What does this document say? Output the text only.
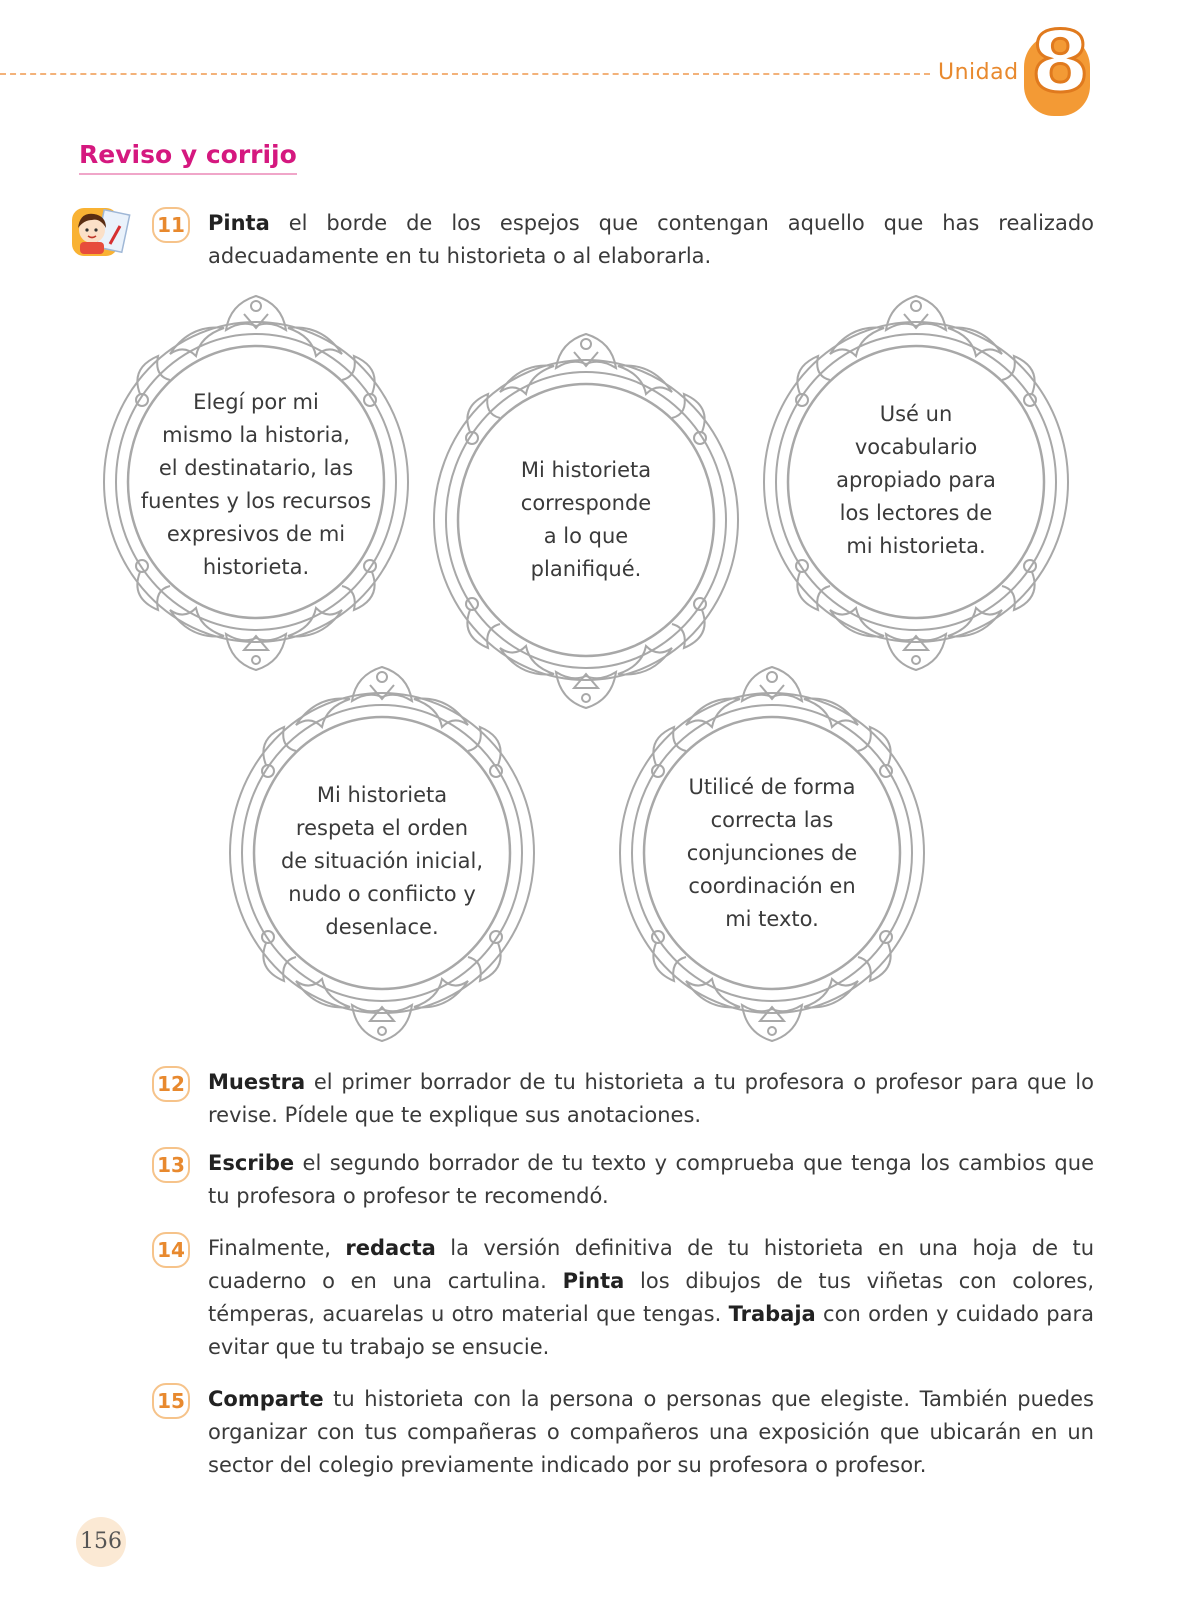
Unidad 8
Reviso y corrijo
11 Pinta el borde de los espejos que contengan aquello que has realizado adecuadamente en tu historieta o al elaborarla.
Elegí por mi
mismo la historia,
el destinatario, las
fuentes y los recursos
expresivos de mi
historieta.
Mi historieta
corresponde
a lo que
planifiqué.
Usé un
vocabulario
apropiado para
los lectores de
mi historieta.
Mi historieta
respeta el orden
de situación inicial,
nudo o confiicto y
desenlace.
Utilicé de forma
correcta las
conjunciones de
coordinación en
mi texto.
12 Muestra el primer borrador de tu historieta a tu profesora o profesor para que lo revise. Pídele que te explique sus anotaciones.
13 Escribe el segundo borrador de tu texto y comprueba que tenga los cambios que tu profesora o profesor te recomendó.
14 Finalmente, redacta la versión definitiva de tu historieta en una hoja de tu cuaderno o en una cartulina. Pinta los dibujos de tus viñetas con colores, témperas, acuarelas u otro material que tengas. Trabaja con orden y cuidado para evitar que tu trabajo se ensucie.
15 Comparte tu historieta con la persona o personas que elegiste. También puedes organizar con tus compañeras o compañeros una exposición que ubicarán en un sector del colegio previamente indicado por su profesora o profesor.
156
